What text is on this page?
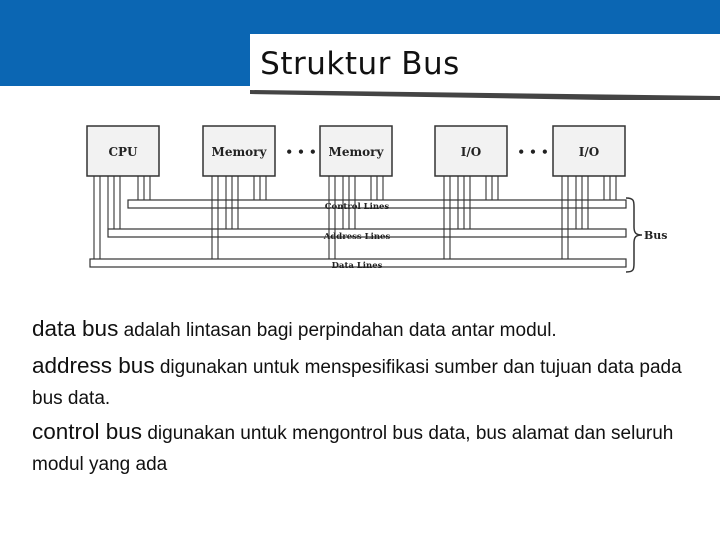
Struktur Bus
CPU	Memory • • • Memory	I/O	• • •	I/O
Control Lines
Address Lines
Data Lines
Bus

data bus adalah lintasan bagi perpindahan data antar modul.

address bus digunakan untuk menspesifikasi sumber dan tujuan data pada bus data.

control bus digunakan untuk mengontrol bus data, bus alamat dan seluruh modul yang ada
